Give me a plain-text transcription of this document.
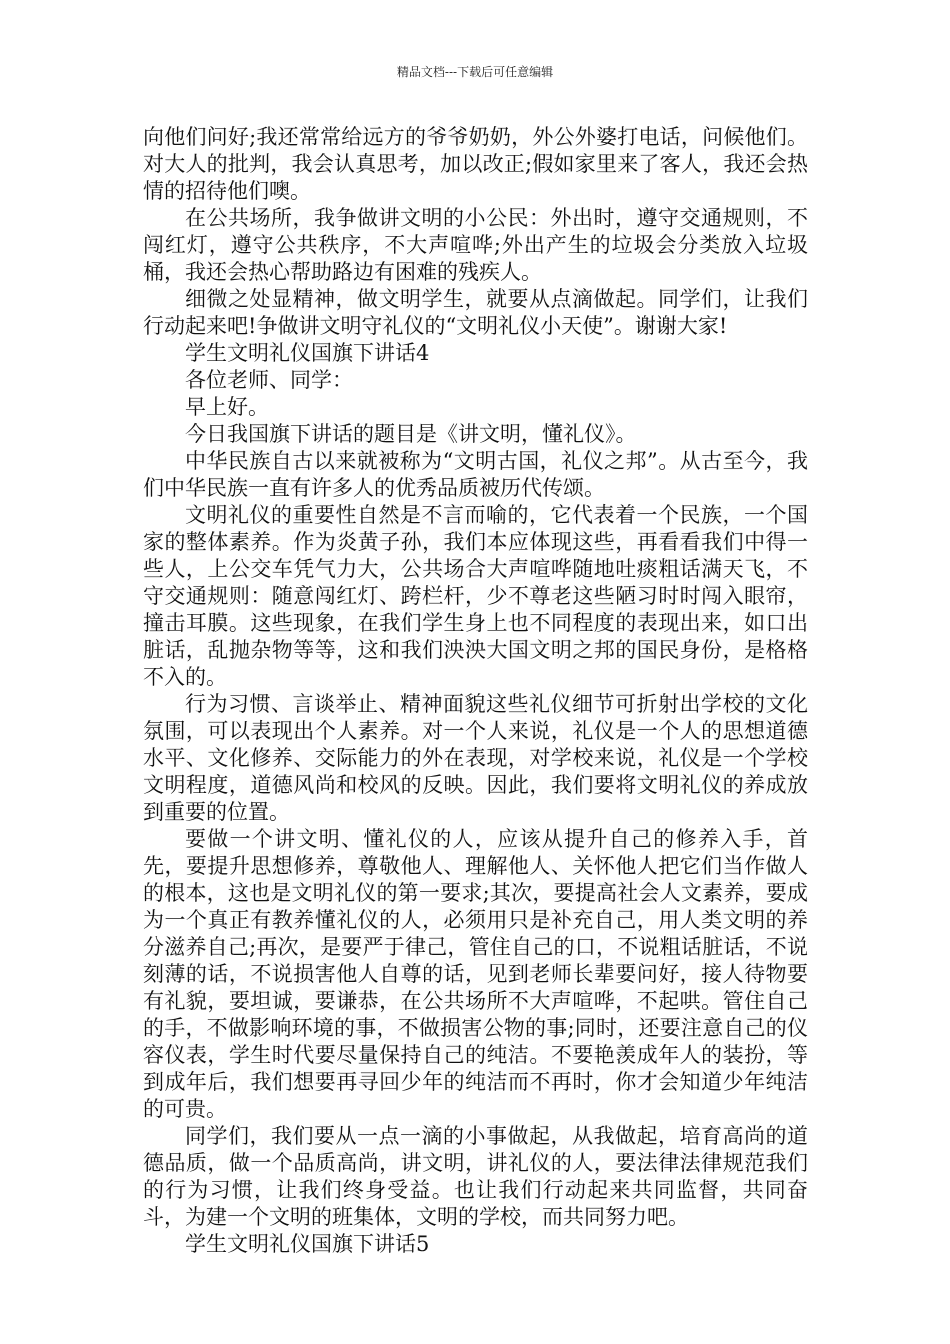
精品文档---下载后可任意编辑

向他们问好;我还常常给远方的爷爷奶奶，外公外婆打电话，问候他们。对大人的批判，我会认真思考，加以改正;假如家里来了客人，我还会热情的招待他们噢。

在公共场所，我争做讲文明的小公民：外出时，遵守交通规则，不闯红灯，遵守公共秩序，不大声喧哗;外出产生的垃圾会分类放入垃圾桶，我还会热心帮助路边有困难的残疾人。

细微之处显精神，做文明学生，就要从点滴做起。同学们，让我们行动起来吧!争做讲文明守礼仪的“文明礼仪小天使”。谢谢大家!

学生文明礼仪国旗下讲话4

各位老师、同学：

早上好。

今日我国旗下讲话的题目是《讲文明，懂礼仪》。

中华民族自古以来就被称为“文明古国，礼仪之邦”。从古至今，我们中华民族一直有许多人的优秀品质被历代传颂。

文明礼仪的重要性自然是不言而喻的，它代表着一个民族，一个国家的整体素养。作为炎黄子孙，我们本应体现这些，再看看我们中得一些人，上公交车凭气力大，公共场合大声喧哗随地吐痰粗话满天飞，不守交通规则：随意闯红灯、跨栏杆，少不尊老这些陋习时时闯入眼帘，撞击耳膜。这些现象，在我们学生身上也不同程度的表现出来，如口出脏话，乱抛杂物等等，这和我们泱泱大国文明之邦的国民身份，是格格不入的。

行为习惯、言谈举止、精神面貌这些礼仪细节可折射出学校的文化氛围，可以表现出个人素养。对一个人来说，礼仪是一个人的思想道德水平、文化修养、交际能力的外在表现，对学校来说，礼仪是一个学校文明程度，道德风尚和校风的反映。因此，我们要将文明礼仪的养成放到重要的位置。

要做一个讲文明、懂礼仪的人，应该从提升自己的修养入手，首先，要提升思想修养，尊敬他人、理解他人、关怀他人把它们当作做人的根本，这也是文明礼仪的第一要求;其次，要提高社会人文素养，要成为一个真正有教养懂礼仪的人，必须用只是补充自己，用人类文明的养分滋养自己;再次，是要严于律己，管住自己的口，不说粗话脏话，不说刻薄的话，不说损害他人自尊的话，见到老师长辈要问好，接人待物要有礼貌，要坦诚，要谦恭，在公共场所不大声喧哗，不起哄。管住自己的手，不做影响环境的事，不做损害公物的事;同时，还要注意自己的仪容仪表，学生时代要尽量保持自己的纯洁。不要艳羡成年人的装扮，等到成年后，我们想要再寻回少年的纯洁而不再时，你才会知道少年纯洁的可贵。

同学们，我们要从一点一滴的小事做起，从我做起，培育高尚的道德品质，做一个品质高尚，讲文明，讲礼仪的人，要法律法律规范我们的行为习惯，让我们终身受益。也让我们行动起来共同监督，共同奋斗，为建一个文明的班集体，文明的学校，而共同努力吧。

学生文明礼仪国旗下讲话5
